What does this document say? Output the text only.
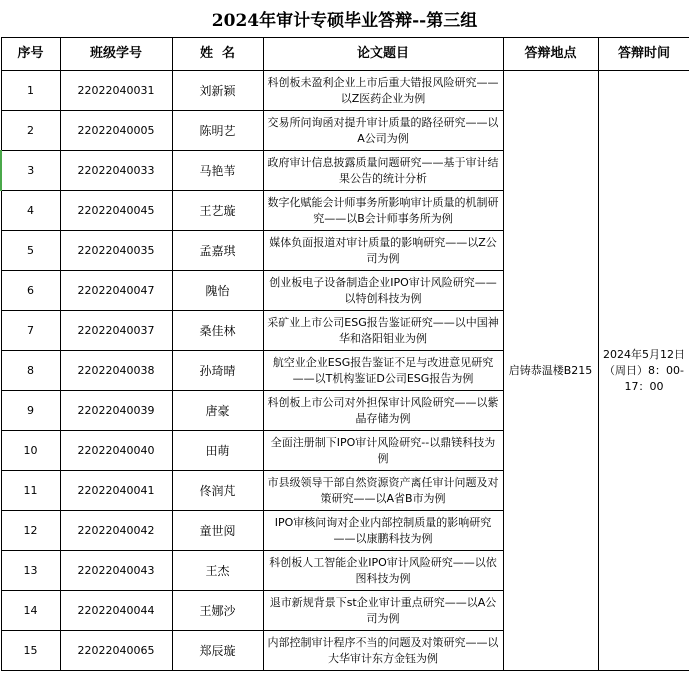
2024年审计专硕毕业答辩--第三组
序号	班级学号	姓  名	论文题目	答辩地点	答辩时间
1	22022040031	刘新颖	科创板未盈利企业上市后重大错报风险研究——以Z医药企业为例	启铸恭温楼B215	2024年5月12日（周日）8：00-17：00
2	22022040005	陈明艺	交易所问询函对提升审计质量的路径研究——以A公司为例		
3	22022040033	马艳苇	政府审计信息披露质量问题研究——基于审计结果公告的统计分析		
4	22022040045	王艺璇	数字化赋能会计师事务所影响审计质量的机制研究——以B会计师事务所为例		
5	22022040035	孟嘉琪	媒体负面报道对审计质量的影响研究——以Z公司为例		
6	22022040047	隗怡	创业板电子设备制造企业IPO审计风险研究——以特创科技为例		
7	22022040037	桑佳林	采矿业上市公司ESG报告鉴证研究——以中国神华和洛阳钼业为例		
8	22022040038	孙琦晴	航空业企业ESG报告鉴证不足与改进意见研究——以T机构鉴证D公司ESG报告为例		
9	22022040039	唐豪	科创板上市公司对外担保审计风险研究——以紫晶存储为例		
10	22022040040	田萌	全面注册制下IPO审计风险研究--以鼎镁科技为例		
11	22022040041	佟润芃	市县级领导干部自然资源资产离任审计问题及对策研究——以A省B市为例		
12	22022040042	童世阅	IPO审核问询对企业内部控制质量的影响研究——以康鹏科技为例		
13	22022040043	王杰	科创板人工智能企业IPO审计风险研究——以依图科技为例		
14	22022040044	王娜沙	退市新规背景下st企业审计重点研究——以A公司为例		
15	22022040065	郑辰璇	内部控制审计程序不当的问题及对策研究——以大华审计东方金钰为例		
